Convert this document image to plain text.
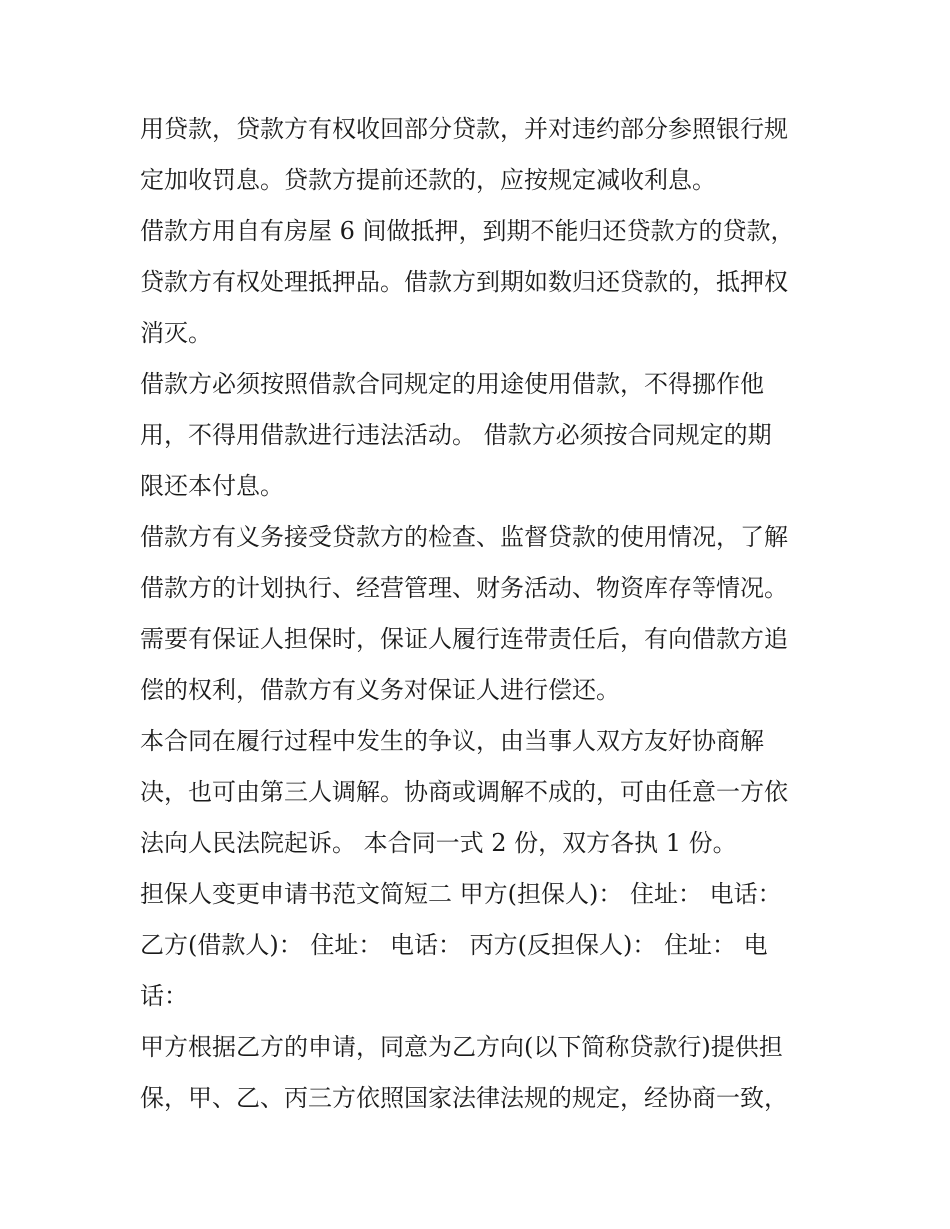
用贷款，贷款方有权收回部分贷款，并对违约部分参照银行规
定加收罚息。贷款方提前还款的，应按规定减收利息。

借款方用自有房屋 6 间做抵押，到期不能归还贷款方的贷款，
贷款方有权处理抵押品。借款方到期如数归还贷款的，抵押权
消灭。

借款方必须按照借款合同规定的用途使用借款，不得挪作他
用，不得用借款进行违法活动。 借款方必须按合同规定的期
限还本付息。

借款方有义务接受贷款方的检查、监督贷款的使用情况，了解
借款方的计划执行、经营管理、财务活动、物资库存等情况。
需要有保证人担保时，保证人履行连带责任后，有向借款方追
偿的权利，借款方有义务对保证人进行偿还。

本合同在履行过程中发生的争议，由当事人双方友好协商解
决，也可由第三人调解。协商或调解不成的，可由任意一方依
法向人民法院起诉。 本合同一式 2 份，双方各执 1 份。

担保人变更申请书范文简短二 甲方(担保人)： 住址： 电话：
乙方(借款人)： 住址： 电话： 丙方(反担保人)： 住址： 电
话：

甲方根据乙方的申请，同意为乙方向(以下简称贷款行)提供担
保，甲、乙、丙三方依照国家法律法规的规定，经协商一致，
